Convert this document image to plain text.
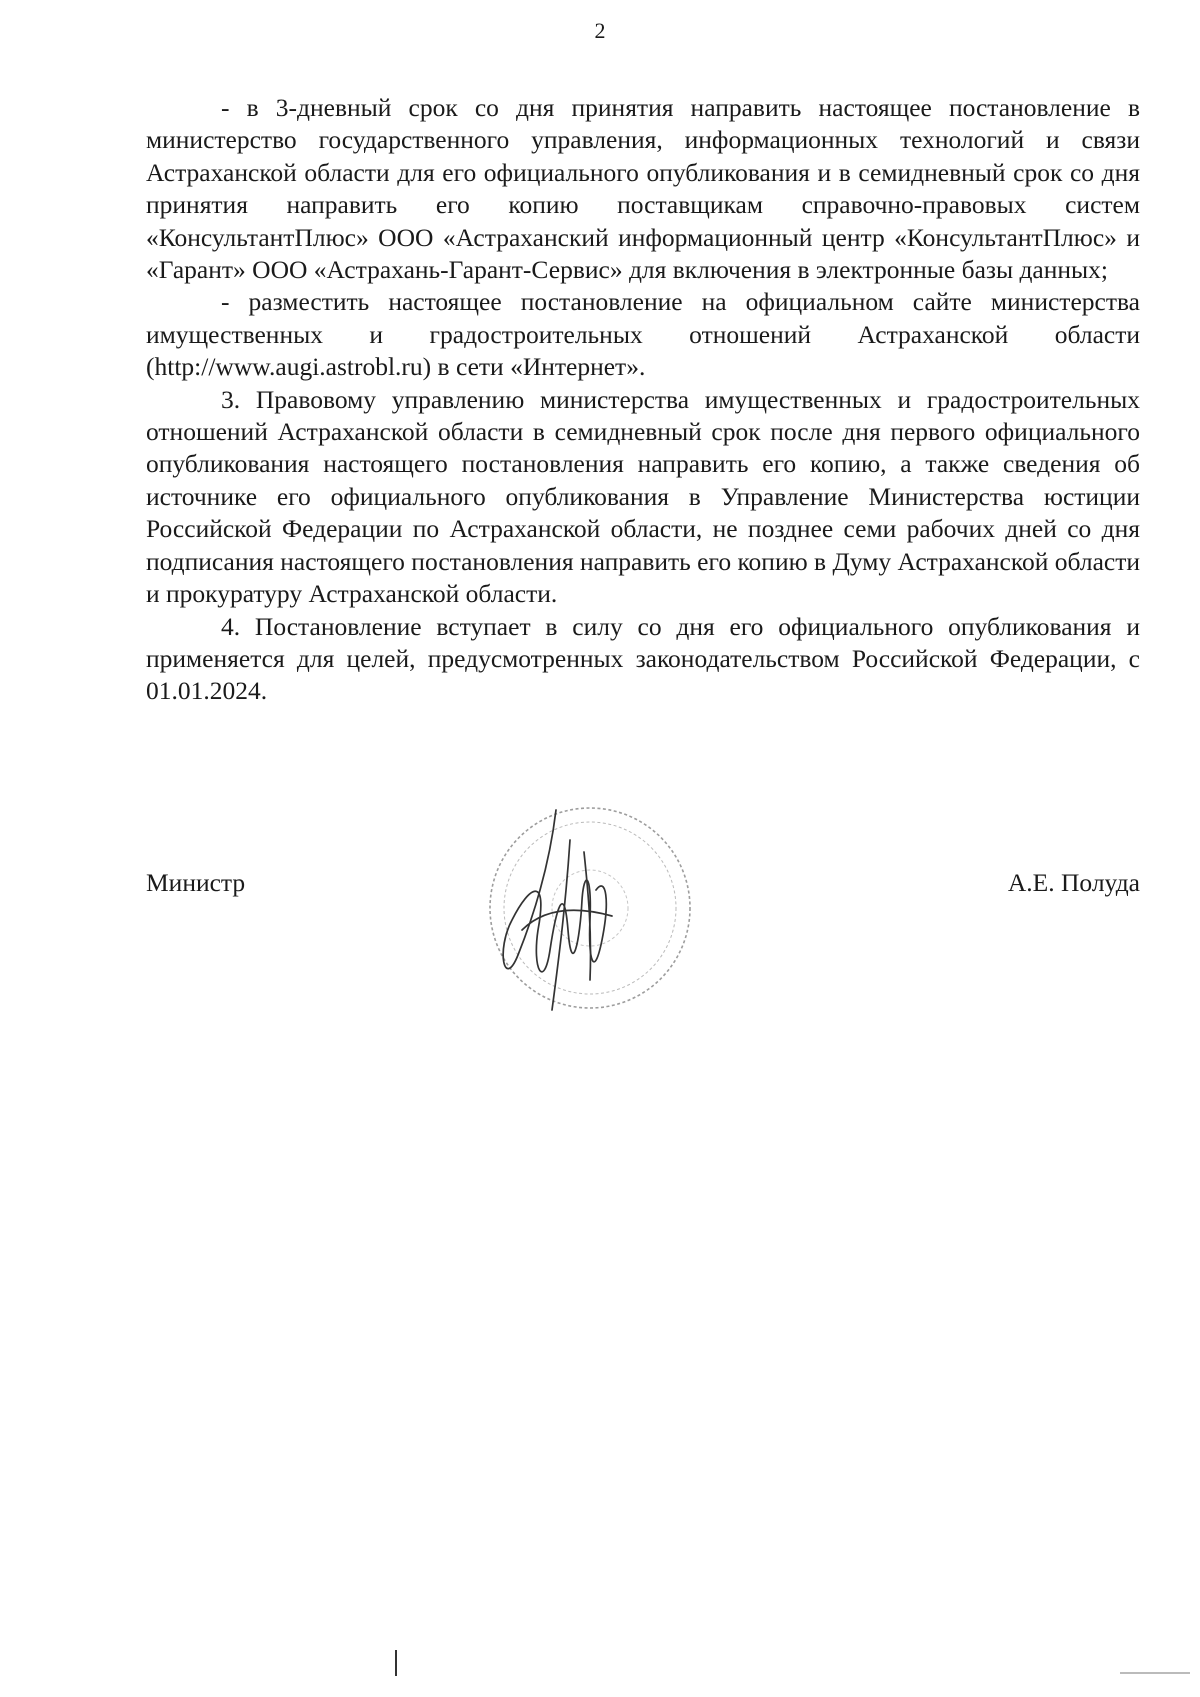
2

- в 3-дневный срок со дня принятия направить настоящее постановление в министерство государственного управления, информационных технологий и связи Астраханской области для его официального опубликования и в семидневный срок со дня принятия направить его копию поставщикам справочно-правовых систем «КонсультантПлюс» ООО «Астраханский информационный центр «КонсультантПлюс» и «Гарант» ООО «Астрахань-Гарант-Сервис» для включения в электронные базы данных;

- разместить настоящее постановление на официальном сайте министерства имущественных и градостроительных отношений Астраханской области (http://www.augi.astrobl.ru) в сети «Интернет».

3. Правовому управлению министерства имущественных и градостроительных отношений Астраханской области в семидневный срок после дня первого официального опубликования настоящего постановления направить его копию, а также сведения об источнике его официального опубликования в Управление Министерства юстиции Российской Федерации по Астраханской области, не позднее семи рабочих дней со дня подписания настоящего постановления направить его копию в Думу Астраханской области и прокуратуру Астраханской области.

4. Постановление вступает в силу со дня его официального опубликования и применяется для целей, предусмотренных законодательством Российской Федерации, с 01.01.2024.

Министр	А.Е. Полуда
